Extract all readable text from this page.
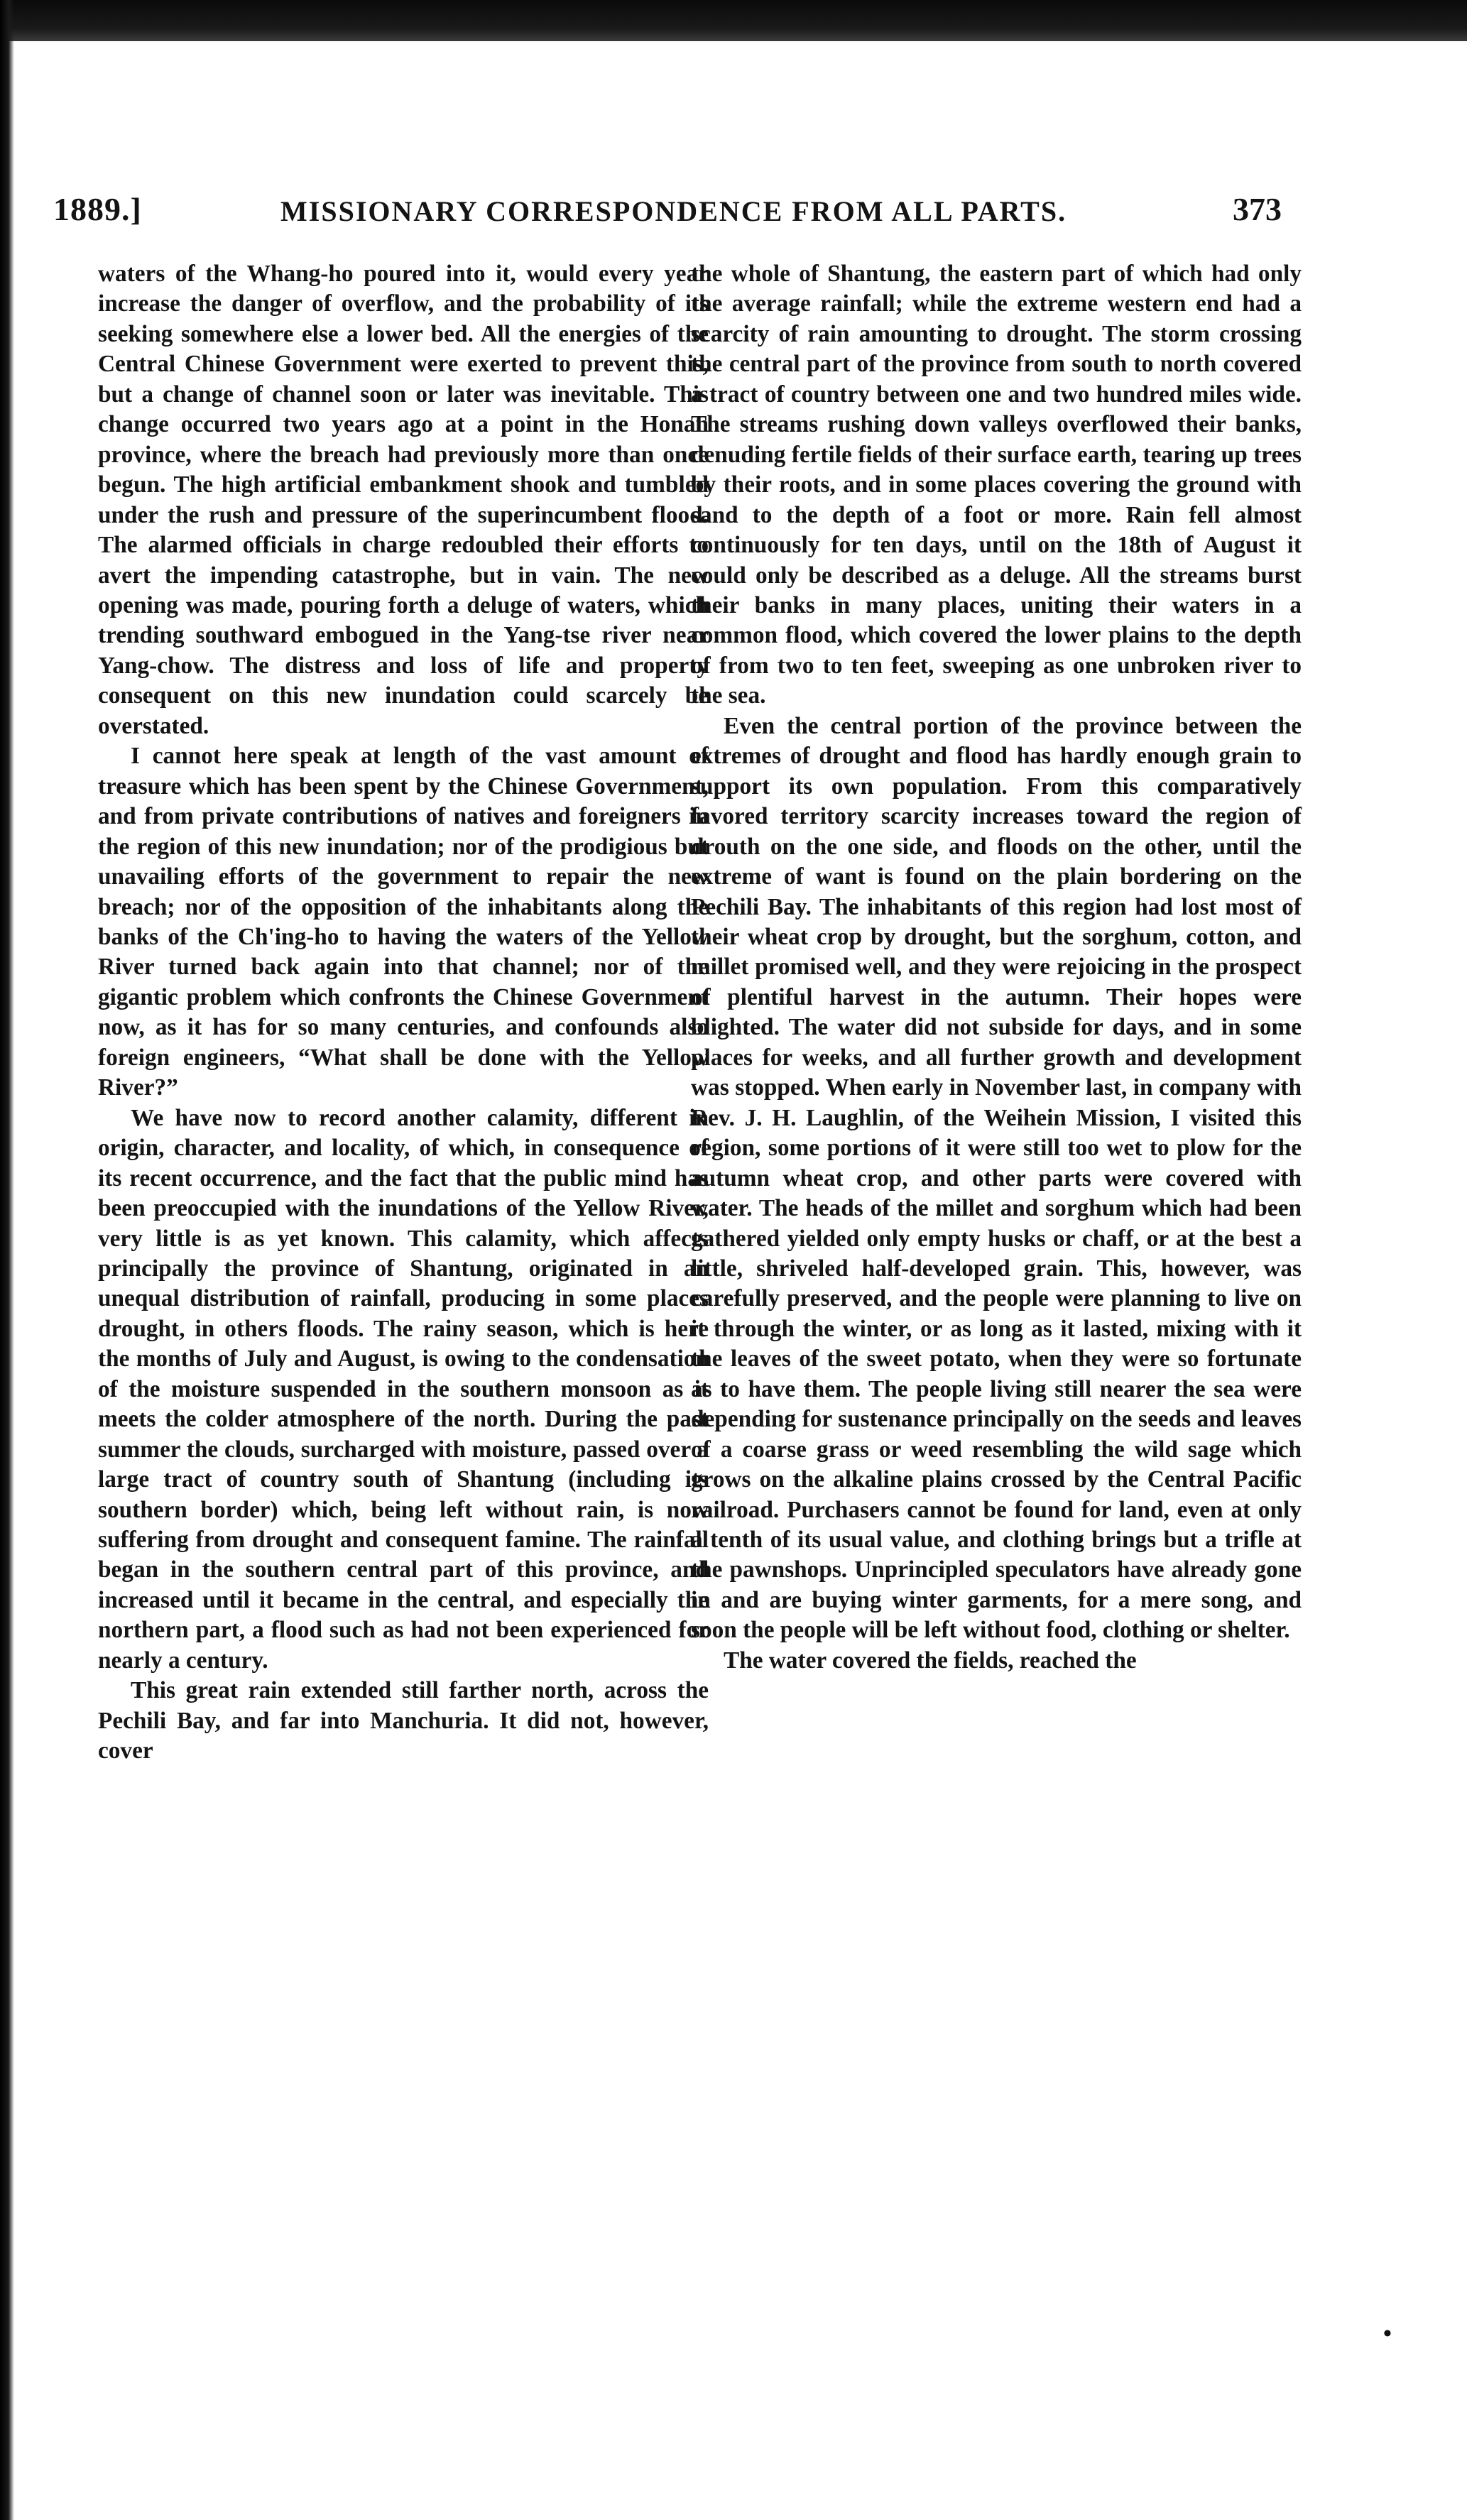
1889.]	MISSIONARY CORRESPONDENCE FROM ALL PARTS.	373

waters of the Whang-ho poured into it, would every year increase the danger of overflow, and the probability of its seeking somewhere else a lower bed. All the energies of the Central Chinese Government were exerted to prevent this, but a change of channel soon or later was inevitable. This change occurred two years ago at a point in the Honan province, where the breach had previously more than once begun. The high artificial embankment shook and tumbled under the rush and pressure of the superincumbent flood. The alarmed officials in charge redoubled their efforts to avert the impending catastrophe, but in vain. The new opening was made, pouring forth a deluge of waters, which trending southward embogued in the Yang-tse river near Yang-chow. The distress and loss of life and property consequent on this new inundation could scarcely be overstated.

I cannot here speak at length of the vast amount of treasure which has been spent by the Chinese Government, and from private contributions of natives and foreigners in the region of this new inundation; nor of the prodigious but unavailing efforts of the government to repair the new breach; nor of the opposition of the inhabitants along the banks of the Ch'ing-ho to having the waters of the Yellow River turned back again into that channel; nor of the gigantic problem which confronts the Chinese Government now, as it has for so many centuries, and confounds also foreign engineers, “What shall be done with the Yellow River?”

We have now to record another calamity, different in origin, character, and locality, of which, in consequence of its recent occurrence, and the fact that the public mind has been preoccupied with the inundations of the Yellow River, very little is as yet known. This calamity, which affects principally the province of Shantung, originated in an unequal distribution of rainfall, producing in some places drought, in others floods. The rainy season, which is here the months of July and August, is owing to the condensation of the moisture suspended in the southern monsoon as it meets the colder atmosphere of the north. During the past summer the clouds, surcharged with moisture, passed over a large tract of country south of Shantung (including its southern border) which, being left without rain, is now suffering from drought and consequent famine. The rainfall began in the southern central part of this province, and increased until it became in the central, and especially the northern part, a flood such as had not been experienced for nearly a century.

This great rain extended still farther north, across the Pechili Bay, and far into Manchuria. It did not, however, cover

the whole of Shantung, the eastern part of which had only the average rainfall; while the extreme western end had a scarcity of rain amounting to drought. The storm crossing the central part of the province from south to north covered a tract of country between one and two hundred miles wide. The streams rushing down valleys overflowed their banks, denuding fertile fields of their surface earth, tearing up trees by their roots, and in some places covering the ground with sand to the depth of a foot or more. Rain fell almost continuously for ten days, until on the 18th of August it could only be described as a deluge. All the streams burst their banks in many places, uniting their waters in a common flood, which covered the lower plains to the depth of from two to ten feet, sweeping as one unbroken river to the sea.

Even the central portion of the province between the extremes of drought and flood has hardly enough grain to support its own population. From this comparatively favored territory scarcity increases toward the region of drouth on the one side, and floods on the other, until the extreme of want is found on the plain bordering on the Pechili Bay. The inhabitants of this region had lost most of their wheat crop by drought, but the sorghum, cotton, and millet promised well, and they were rejoicing in the prospect of plentiful harvest in the autumn. Their hopes were blighted. The water did not subside for days, and in some places for weeks, and all further growth and development was stopped. When early in November last, in company with Rev. J. H. Laughlin, of the Weihein Mission, I visited this region, some portions of it were still too wet to plow for the autumn wheat crop, and other parts were covered with water. The heads of the millet and sorghum which had been gathered yielded only empty husks or chaff, or at the best a little, shriveled half-developed grain. This, however, was carefully preserved, and the people were planning to live on it through the winter, or as long as it lasted, mixing with it the leaves of the sweet potato, when they were so fortunate as to have them. The people living still nearer the sea were depending for sustenance principally on the seeds and leaves of a coarse grass or weed resembling the wild sage which grows on the alkaline plains crossed by the Central Pacific railroad. Purchasers cannot be found for land, even at only a tenth of its usual value, and clothing brings but a trifle at the pawnshops. Unprincipled speculators have already gone in and are buying winter garments, for a mere song, and soon the people will be left without food, clothing or shelter.

The water covered the fields, reached the

•
